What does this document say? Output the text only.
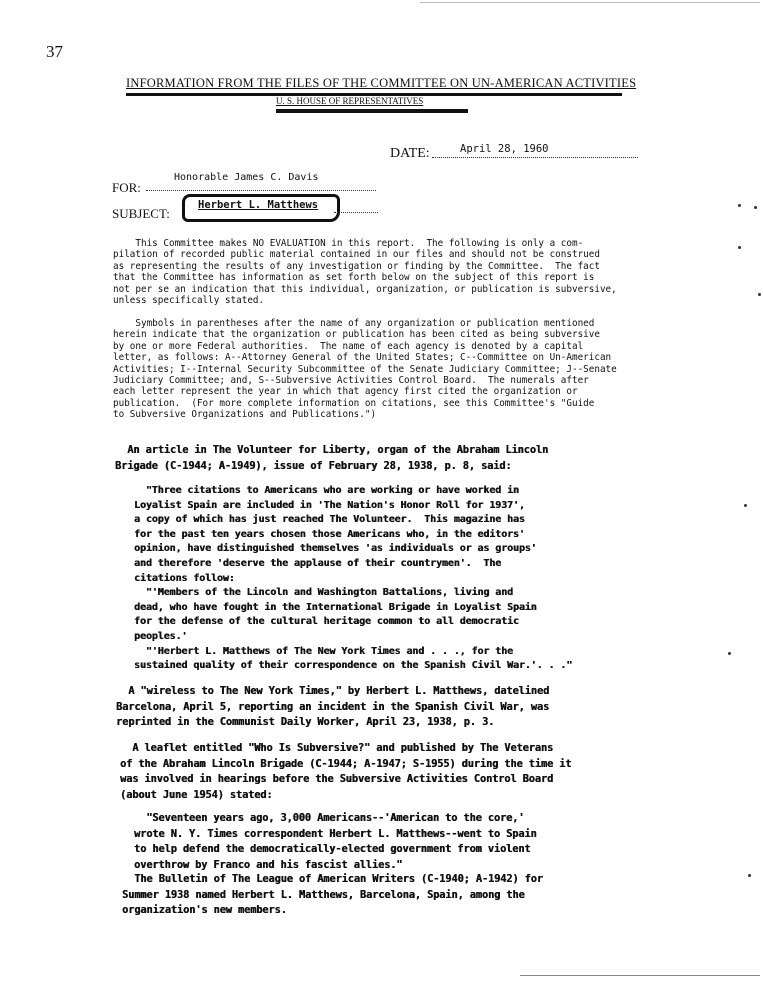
37
INFORMATION FROM THE FILES OF THE COMMITTEE ON UN-AMERICAN ACTIVITIES
U. S. HOUSE OF REPRESENTATIVES
DATE:	April 28, 1960
FOR:
Honorable James C. Davis
SUBJECT:
Herbert L. Matthews
This Committee makes NO EVALUATION in this report.  The following is only a com-
pilation of recorded public material contained in our files and should not be construed
as representing the results of any investigation or finding by the Committee.  The fact
that the Committee has information as set forth below on the subject of this report is
not per se an indication that this individual, organization, or publication is subversive,
unless specifically stated.
Symbols in parentheses after the name of any organization or publication mentioned
herein indicate that the organization or publication has been cited as being subversive
by one or more Federal authorities.  The name of each agency is denoted by a capital
letter, as follows: A--Attorney General of the United States; C--Committee on Un-American
Activities; I--Internal Security Subcommittee of the Senate Judiciary Committee; J--Senate
Judiciary Committee; and, S--Subversive Activities Control Board.  The numerals after
each letter represent the year in which that agency first cited the organization or
publication.  (For more complete information on citations, see this Committee's "Guide
to Subversive Organizations and Publications.")
An article in The Volunteer for Liberty, organ of the Abraham Lincoln
Brigade (C-1944; A-1949), issue of February 28, 1938, p. 8, said:
"Three citations to Americans who are working or have worked in
Loyalist Spain are included in 'The Nation's Honor Roll for 1937',
a copy of which has just reached The Volunteer.  This magazine has
for the past ten years chosen those Americans who, in the editors'
opinion, have distinguished themselves 'as individuals or as groups'
and therefore 'deserve the applause of their countrymen'.  The
citations follow:
"'Members of the Lincoln and Washington Battalions, living and
dead, who have fought in the International Brigade in Loyalist Spain
for the defense of the cultural heritage common to all democratic
peoples.'
"'Herbert L. Matthews of The New York Times and . . ., for the
sustained quality of their correspondence on the Spanish Civil War.'. . ."
A "wireless to The New York Times," by Herbert L. Matthews, datelined
Barcelona, April 5, reporting an incident in the Spanish Civil War, was
reprinted in the Communist Daily Worker, April 23, 1938, p. 3.
A leaflet entitled "Who Is Subversive?" and published by The Veterans
of the Abraham Lincoln Brigade (C-1944; A-1947; S-1955) during the time it
was involved in hearings before the Subversive Activities Control Board
(about June 1954) stated:
"Seventeen years ago, 3,000 Americans--'American to the core,'
wrote N. Y. Times correspondent Herbert L. Matthews--went to Spain
to help defend the democratically-elected government from violent
overthrow by Franco and his fascist allies."
The Bulletin of The League of American Writers (C-1940; A-1942) for
Summer 1938 named Herbert L. Matthews, Barcelona, Spain, among the
organization's new members.
